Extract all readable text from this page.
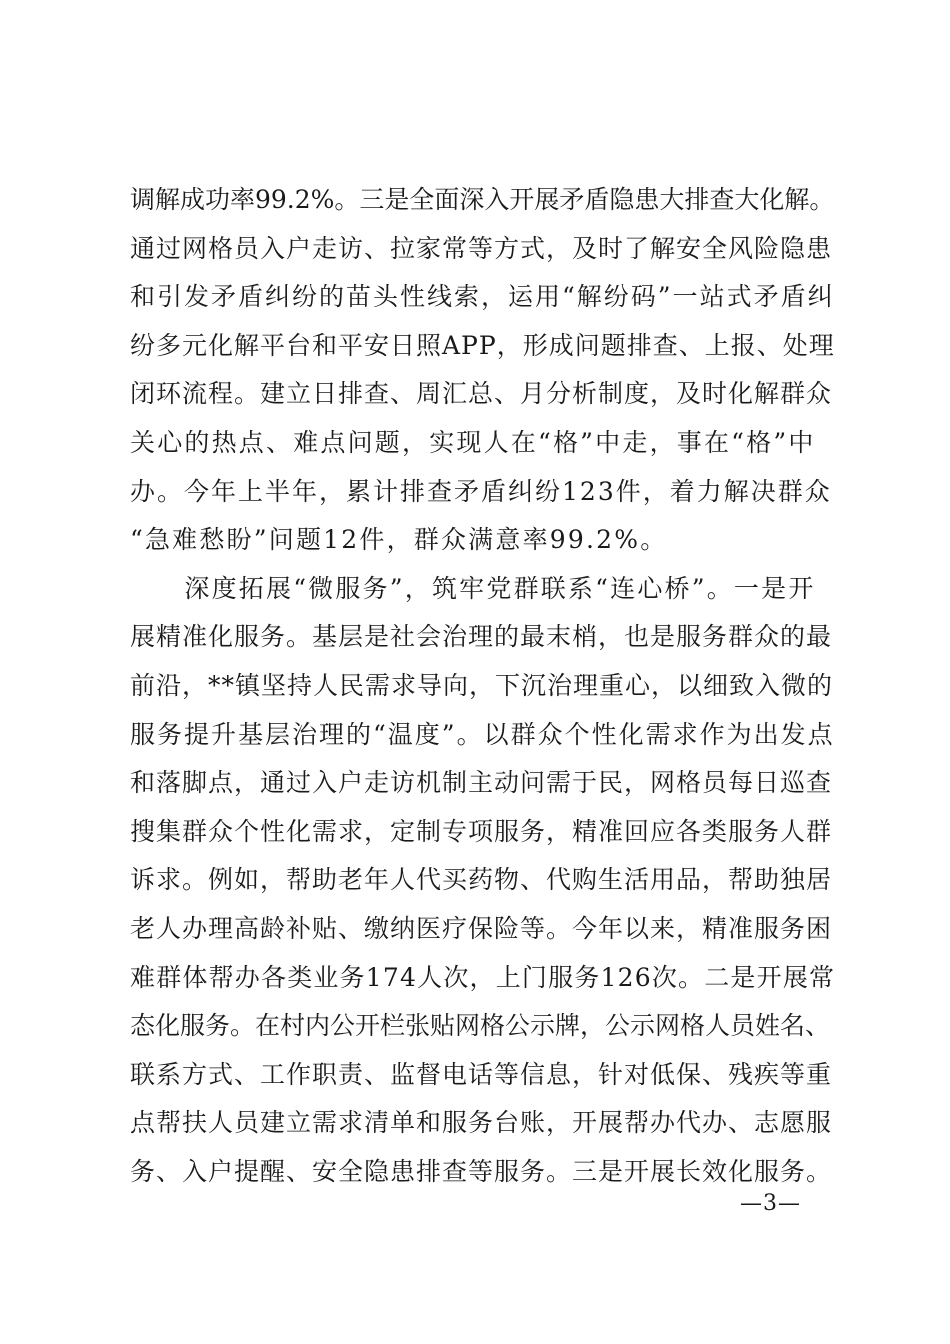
调解成功率99.2%。三是全面深入开展矛盾隐患大排查大化解。
通过网格员入户走访、拉家常等方式，及时了解安全风险隐患
和引发矛盾纠纷的苗头性线索，运用“解纷码”一站式矛盾纠
纷多元化解平台和平安日照APP，形成问题排查、上报、处理
闭环流程。建立日排查、周汇总、月分析制度，及时化解群众
关心的热点、难点问题，实现人在“格”中走，事在“格”中
办。今年上半年，累计排查矛盾纠纷123件，着力解决群众
“急难愁盼”问题12件，群众满意率99.2%。
　　深度拓展“微服务”，筑牢党群联系“连心桥”。一是开
展精准化服务。基层是社会治理的最末梢，也是服务群众的最
前沿，**镇坚持人民需求导向，下沉治理重心，以细致入微的
服务提升基层治理的“温度”。以群众个性化需求作为出发点
和落脚点，通过入户走访机制主动问需于民，网格员每日巡查
搜集群众个性化需求，定制专项服务，精准回应各类服务人群
诉求。例如，帮助老年人代买药物、代购生活用品，帮助独居
老人办理高龄补贴、缴纳医疗保险等。今年以来，精准服务困
难群体帮办各类业务174人次，上门服务126次。二是开展常
态化服务。在村内公开栏张贴网格公示牌，公示网格人员姓名、
联系方式、工作职责、监督电话等信息，针对低保、残疾等重
点帮扶人员建立需求清单和服务台账，开展帮办代办、志愿服
务、入户提醒、安全隐患排查等服务。三是开展长效化服务。
—3—
